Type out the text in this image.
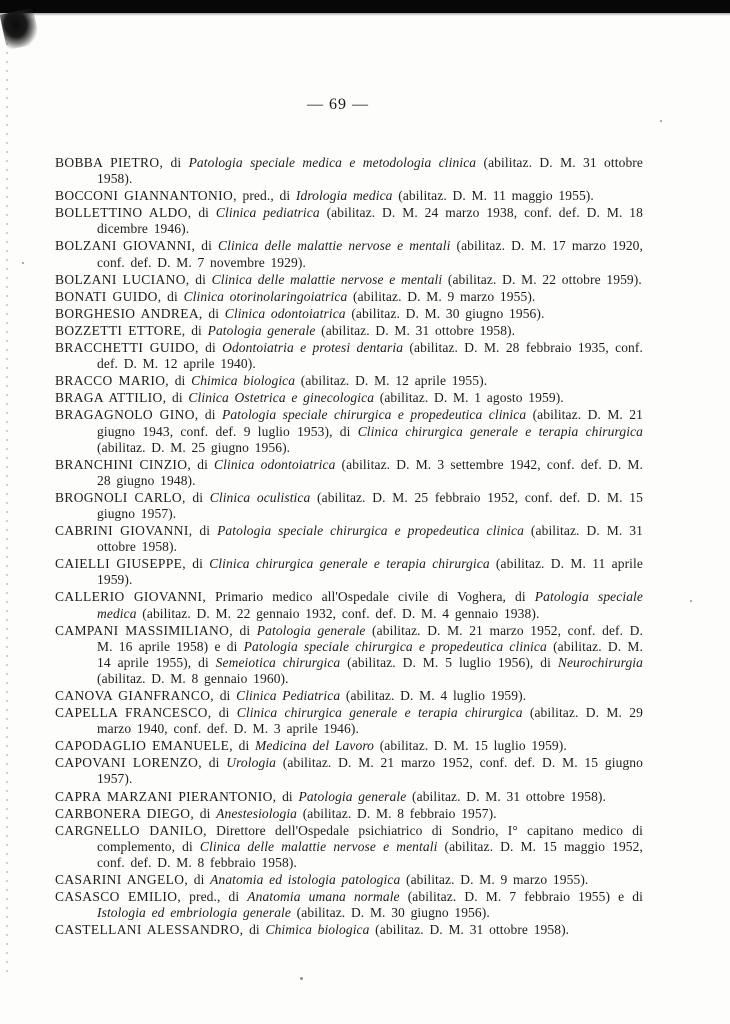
— 69 —

BOBBA PIETRO, di Patologia speciale medica e metodologia clinica (abilitaz. D. M. 31 ottobre 1958).

BOCCONI GIANNANTONIO, pred., di Idrologia medica (abilitaz. D. M. 11 maggio 1955).

BOLLETTINO ALDO, di Clinica pediatrica (abilitaz. D. M. 24 marzo 1938, conf. def. D. M. 18 dicembre 1946).

BOLZANI GIOVANNI, di Clinica delle malattie nervose e mentali (abilitaz. D. M. 17 marzo 1920, conf. def. D. M. 7 novembre 1929).

BOLZANI LUCIANO, di Clinica delle malattie nervose e mentali (abilitaz. D. M. 22 ottobre 1959).

BONATI GUIDO, di Clinica otorinolaringoiatrica (abilitaz. D. M. 9 marzo 1955).

BORGHESIO ANDREA, di Clinica odontoiatrica (abilitaz. D. M. 30 giugno 1956).

BOZZETTI ETTORE, di Patologia generale (abilitaz. D. M. 31 ottobre 1958).

BRACCHETTI GUIDO, di Odontoiatria e protesi dentaria (abilitaz. D. M. 28 febbraio 1935, conf. def. D. M. 12 aprile 1940).

BRACCO MARIO, di Chimica biologica (abilitaz. D. M. 12 aprile 1955).

BRAGA ATTILIO, di Clinica Ostetrica e ginecologica (abilitaz. D. M. 1 agosto 1959).

BRAGAGNOLO GINO, di Patologia speciale chirurgica e propedeutica clinica (abilitaz. D. M. 21 giugno 1943, conf. def. 9 luglio 1953), di Clinica chirurgica generale e terapia chirurgica (abilitaz. D. M. 25 giugno 1956).

BRANCHINI CINZIO, di Clinica odontoiatrica (abilitaz. D. M. 3 settembre 1942, conf. def. D. M. 28 giugno 1948).

BROGNOLI CARLO, di Clinica oculistica (abilitaz. D. M. 25 febbraio 1952, conf. def. D. M. 15 giugno 1957).

CABRINI GIOVANNI, di Patologia speciale chirurgica e propedeutica clinica (abilitaz. D. M. 31 ottobre 1958).

CAIELLI GIUSEPPE, di Clinica chirurgica generale e terapia chirurgica (abilitaz. D. M. 11 aprile 1959).

CALLERIO GIOVANNI, Primario medico all'Ospedale civile di Voghera, di Patologia speciale medica (abilitaz. D. M. 22 gennaio 1932, conf. def. D. M. 4 gennaio 1938).

CAMPANI MASSIMILIANO, di Patologia generale (abilitaz. D. M. 21 marzo 1952, conf. def. D. M. 16 aprile 1958) e di Patologia speciale chirurgica e propedeutica clinica (abilitaz. D. M. 14 aprile 1955), di Semeiotica chirurgica (abilitaz. D. M. 5 luglio 1956), di Neurochirurgia (abilitaz. D. M. 8 gennaio 1960).

CANOVA GIANFRANCO, di Clinica Pediatrica (abilitaz. D. M. 4 luglio 1959).

CAPELLA FRANCESCO, di Clinica chirurgica generale e terapia chirurgica (abilitaz. D. M. 29 marzo 1940, conf. def. D. M. 3 aprile 1946).

CAPODAGLIO EMANUELE, di Medicina del Lavoro (abilitaz. D. M. 15 luglio 1959).

CAPOVANI LORENZO, di Urologia (abilitaz. D. M. 21 marzo 1952, conf. def. D. M. 15 giugno 1957).

CAPRA MARZANI PIERANTONIO, di Patologia generale (abilitaz. D. M. 31 ottobre 1958).

CARBONERA DIEGO, di Anestesiologia (abilitaz. D. M. 8 febbraio 1957).

CARGNELLO DANILO, Direttore dell'Ospedale psichiatrico di Sondrio, I° capitano medico di complemento, di Clinica delle malattie nervose e mentali (abilitaz. D. M. 15 maggio 1952, conf. def. D. M. 8 febbraio 1958).

CASARINI ANGELO, di Anatomia ed istologia patologica (abilitaz. D. M. 9 marzo 1955).

CASASCO EMILIO, pred., di Anatomia umana normale (abilitaz. D. M. 7 febbraio 1955) e di Istologia ed embriologia generale (abilitaz. D. M. 30 giugno 1956).

CASTELLANI ALESSANDRO, di Chimica biologica (abilitaz. D. M. 31 ottobre 1958).
